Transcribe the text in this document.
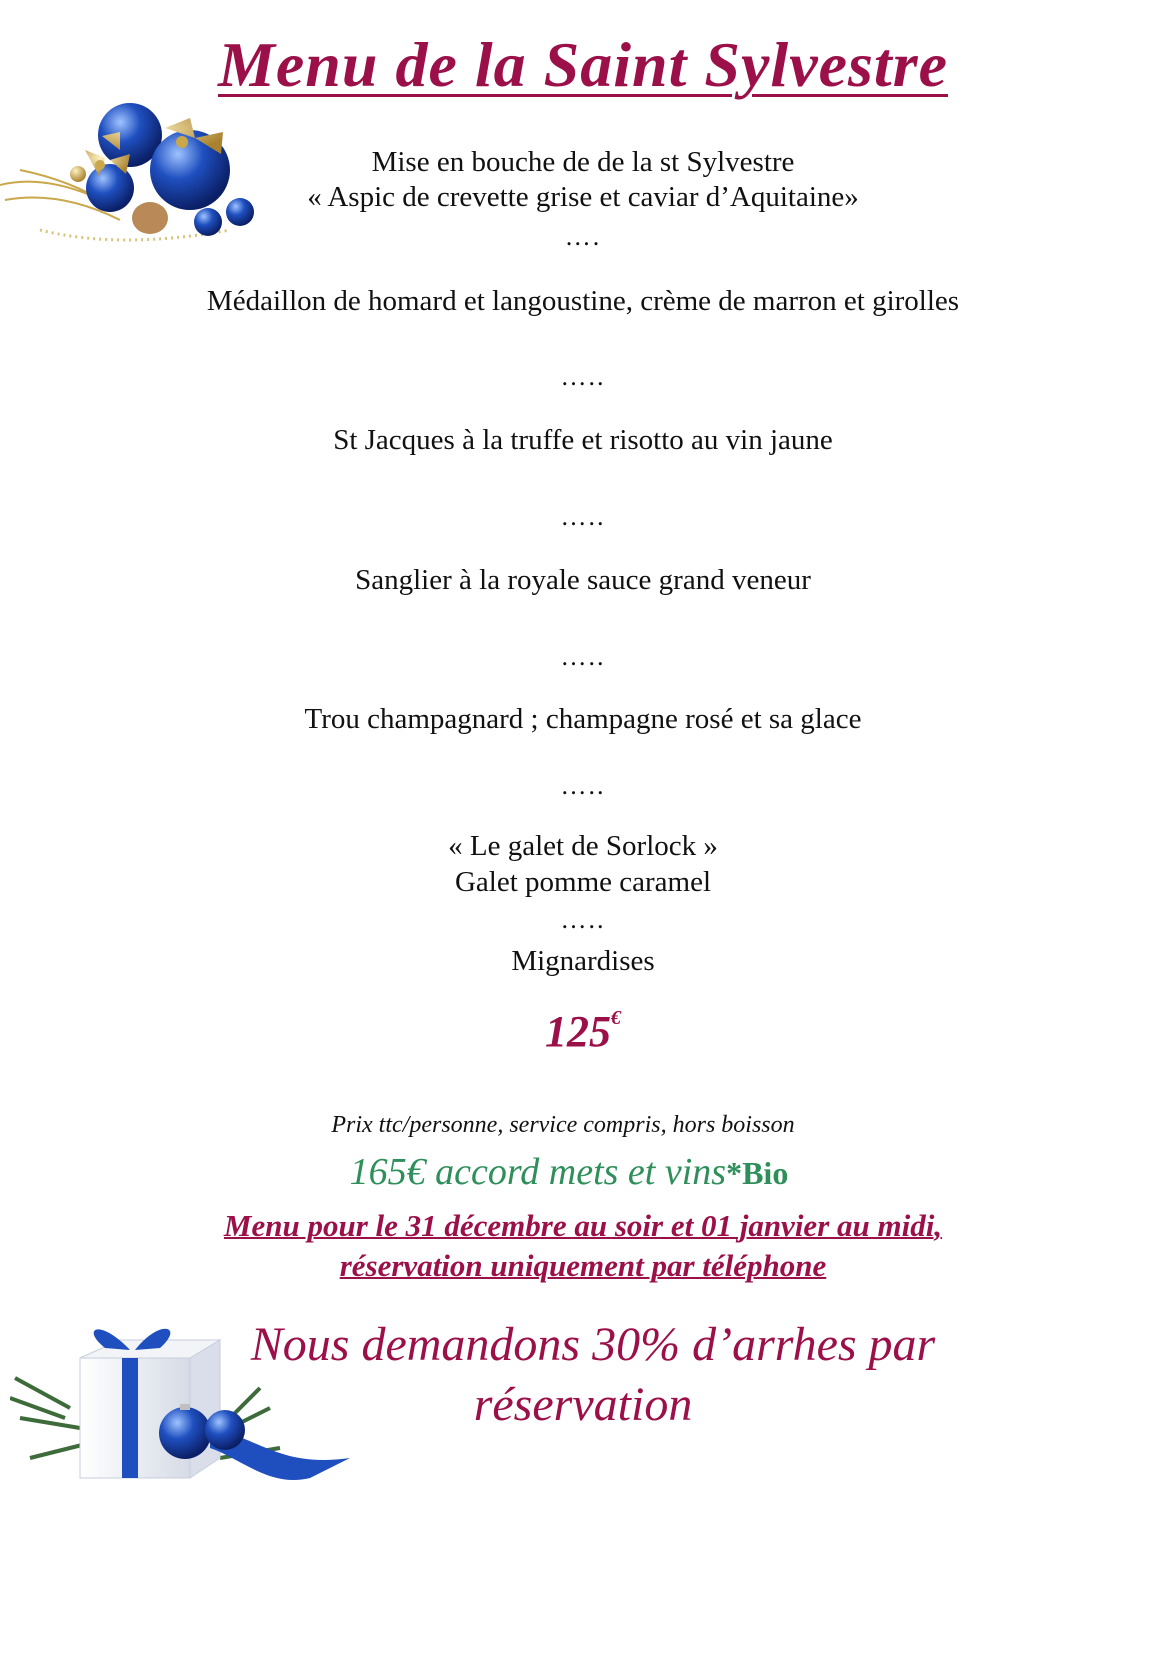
Menu de la Saint Sylvestre
Mise en bouche de de la st Sylvestre
« Aspic de crevette grise et caviar d’Aquitaine»
….
Médaillon de homard et langoustine, crème de marron et girolles
…..
St Jacques à la truffe et risotto au vin jaune
…..
Sanglier à la royale sauce grand veneur
…..
Trou champagnard ; champagne rosé et sa glace
…..
« Le galet de Sorlock »
Galet pomme caramel
…..
Mignardises
125€
Prix ttc/personne, service compris, hors boisson
165€ accord mets et vins*Bio
Menu pour le 31 décembre au soir et 01 janvier au midi,
réservation uniquement par téléphone
Nous demandons 30% d’arrhes par
réservation
